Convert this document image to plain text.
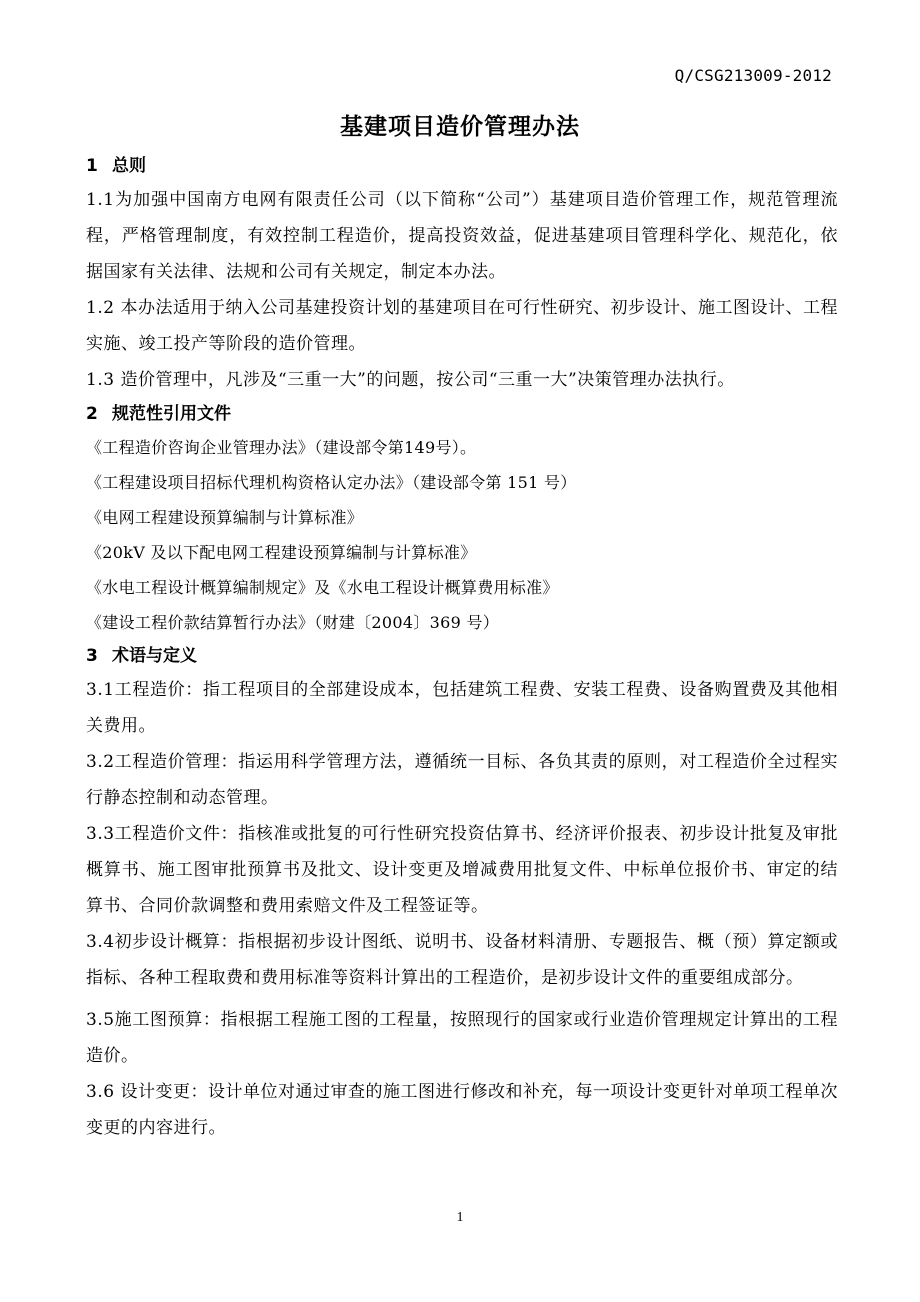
Q/CSG213009-2012
基建项目造价管理办法
1 总则

1.1为加强中国南方电网有限责任公司（以下简称“公司”）基建项目造价管理工作，规范管理流程，严格管理制度，有效控制工程造价，提高投资效益，促进基建项目管理科学化、规范化，依据国家有关法律、法规和公司有关规定，制定本办法。

1.2 本办法适用于纳入公司基建投资计划的基建项目在可行性研究、初步设计、施工图设计、工程实施、竣工投产等阶段的造价管理。

1.3 造价管理中，凡涉及“三重一大”的问题，按公司“三重一大”决策管理办法执行。

2 规范性引用文件

《工程造价咨询企业管理办法》（建设部令第149号）。

《工程建设项目招标代理机构资格认定办法》（建设部令第 151 号）

《电网工程建设预算编制与计算标准》

《20kV 及以下配电网工程建设预算编制与计算标准》

《水电工程设计概算编制规定》及《水电工程设计概算费用标准》

《建设工程价款结算暂行办法》（财建〔2004〕369 号）

3 术语与定义

3.1工程造价：指工程项目的全部建设成本，包括建筑工程费、安装工程费、设备购置费及其他相关费用。

3.2工程造价管理：指运用科学管理方法，遵循统一目标、各负其责的原则，对工程造价全过程实行静态控制和动态管理。

3.3工程造价文件：指核准或批复的可行性研究投资估算书、经济评价报表、初步设计批复及审批概算书、施工图审批预算书及批文、设计变更及增减费用批复文件、中标单位报价书、审定的结算书、合同价款调整和费用索赔文件及工程签证等。

3.4初步设计概算：指根据初步设计图纸、说明书、设备材料清册、专题报告、概（预）算定额或指标、各种工程取费和费用标准等资料计算出的工程造价，是初步设计文件的重要组成部分。

3.5施工图预算：指根据工程施工图的工程量，按照现行的国家或行业造价管理规定计算出的工程造价。

3.6 设计变更：设计单位对通过审查的施工图进行修改和补充，每一项设计变更针对单项工程单次变更的内容进行。

1
